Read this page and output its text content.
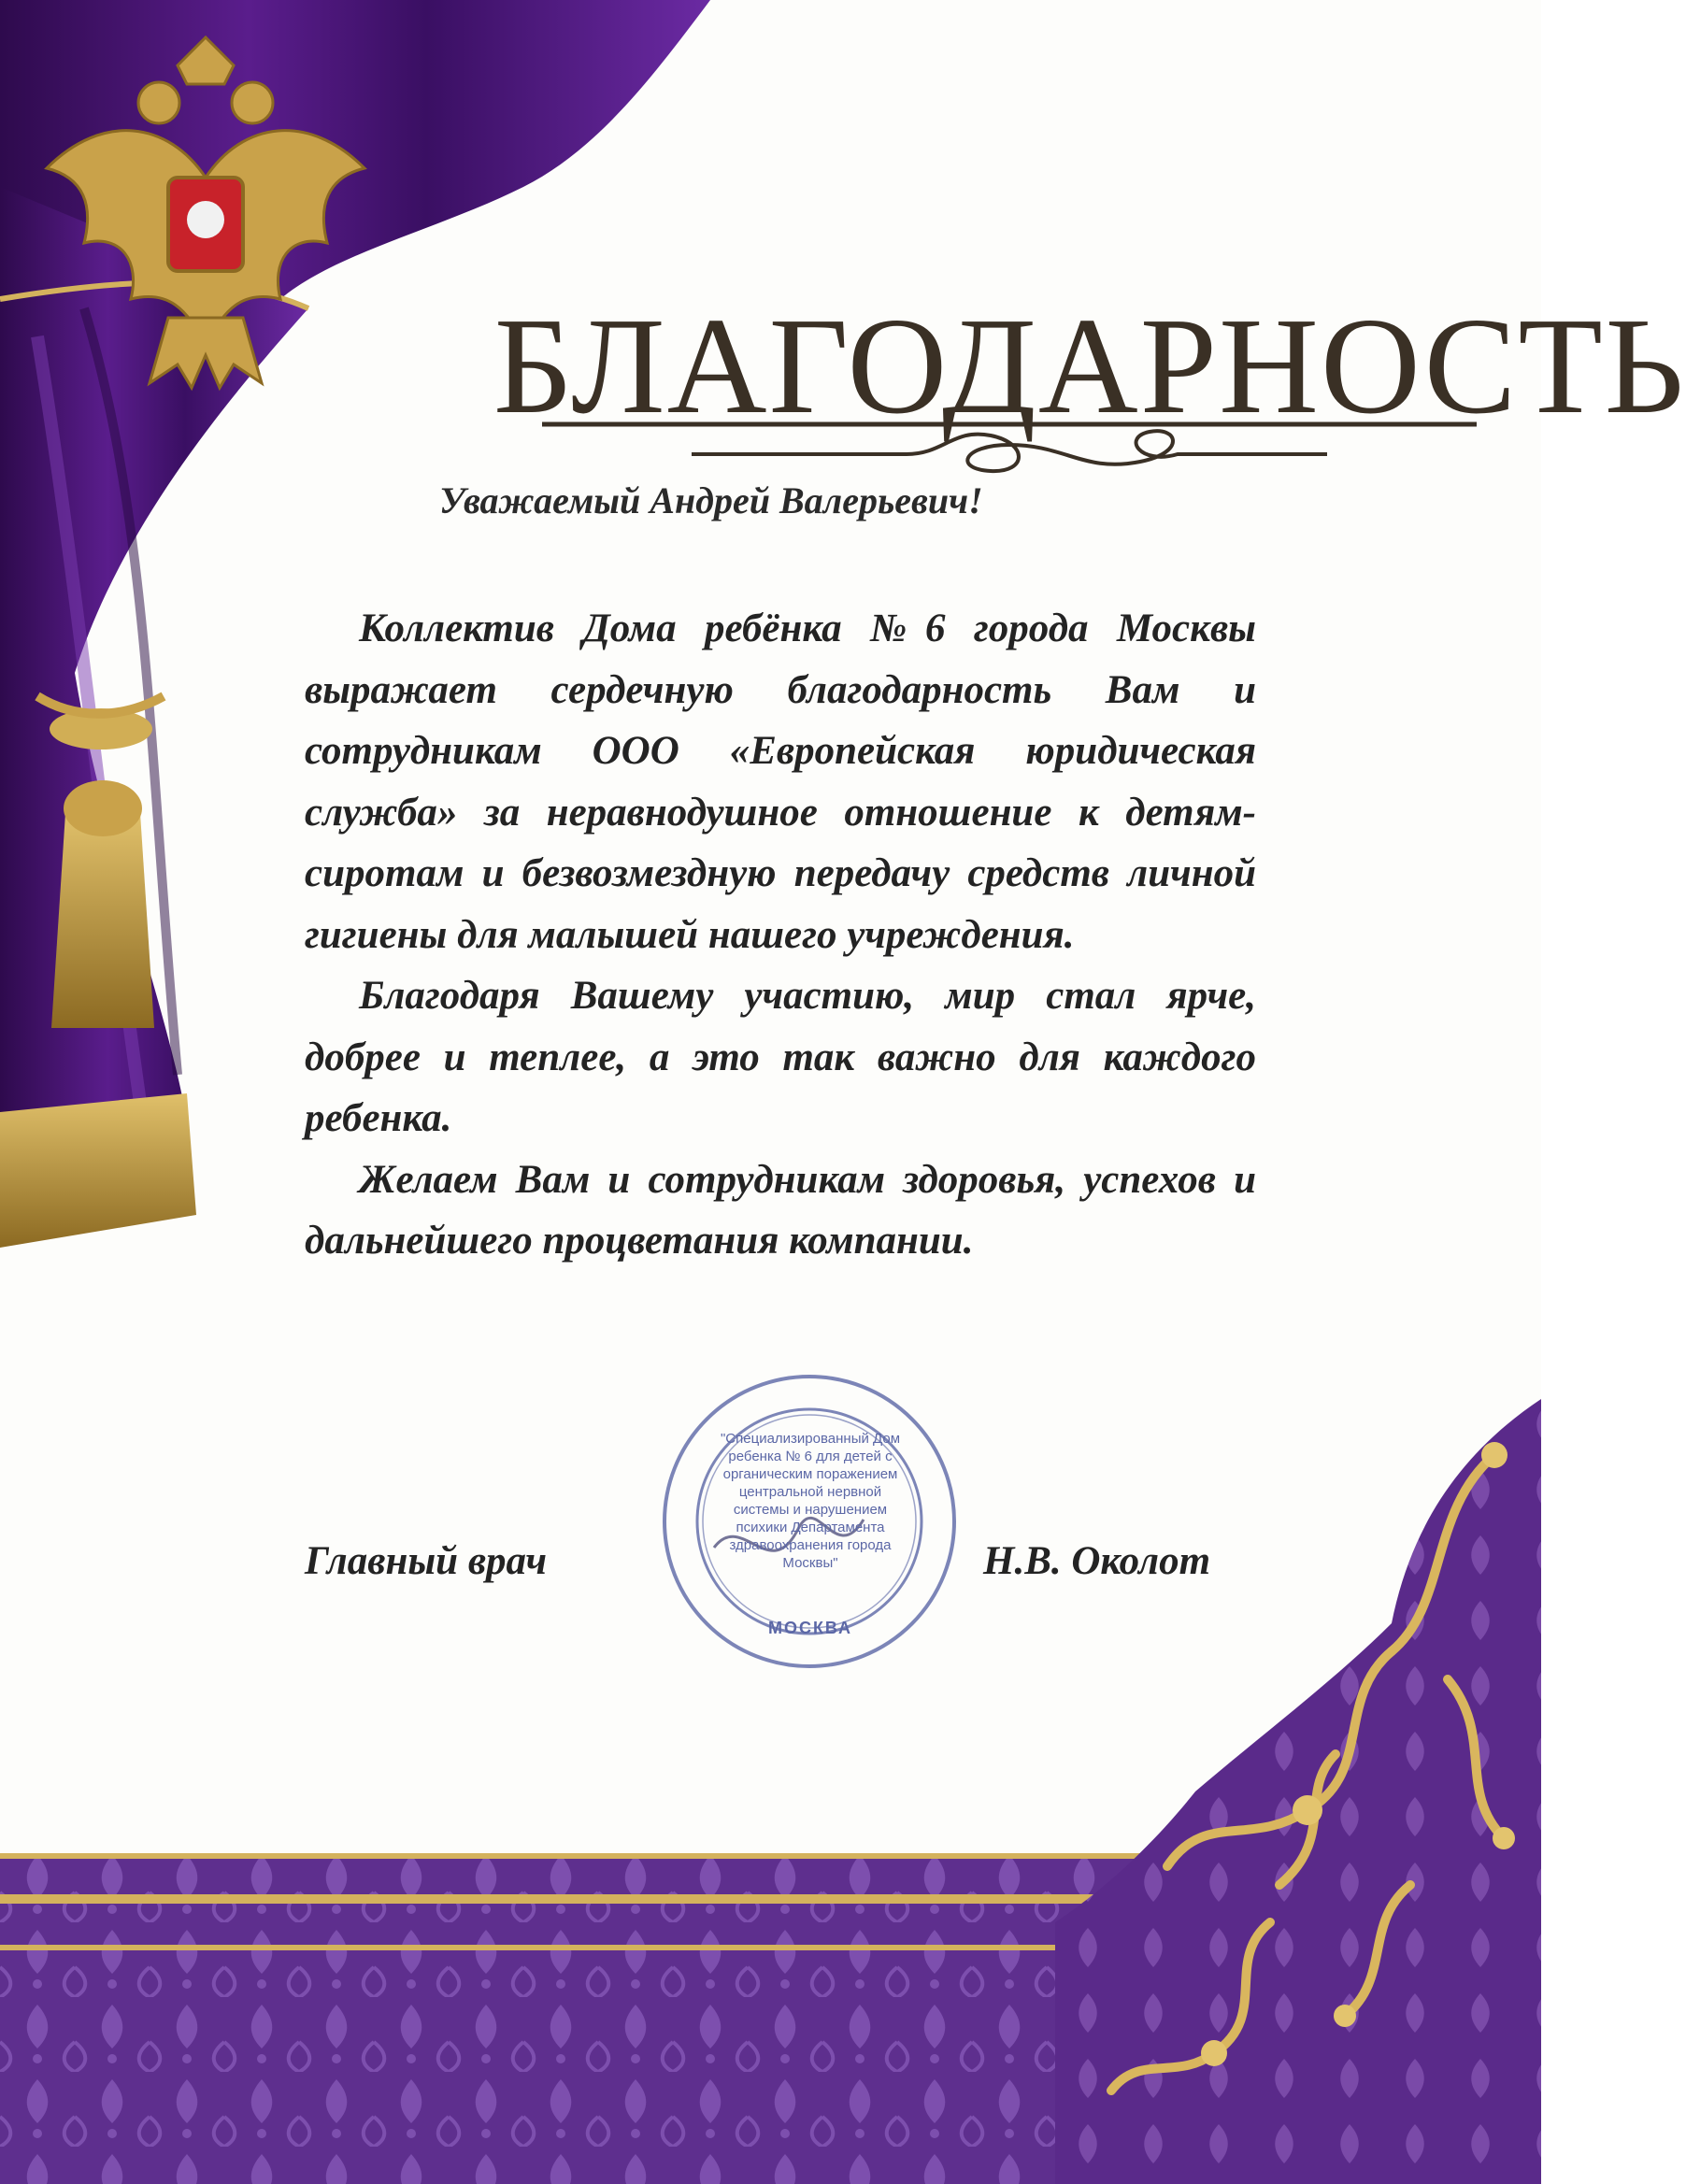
БЛАГОДАРНОСТЬ
Уважаемый Андрей Валерьевич!

Коллектив Дома ребёнка №6 города Москвы выражает сердечную благодарность Вам и сотрудникам ООО «Европейская юридическая служба» за неравнодушное отношение к детям-сиротам и безвозмездную передачу средств личной гигиены для малышей нашего учреждения.

Благодаря Вашему участию, мир стал ярче, добрее и теплее, а это так важно для каждого ребенка.

Желаем Вам и сотрудникам здоровья, успехов и дальнейшего процветания компании.

"Специализированный Дом ребенка № 6 для детей с органическим поражением центральной нервной системы и нарушением психики Департамента здравоохранения города Москвы"
МОСКВА
Главный врач	Н.В. Околот
